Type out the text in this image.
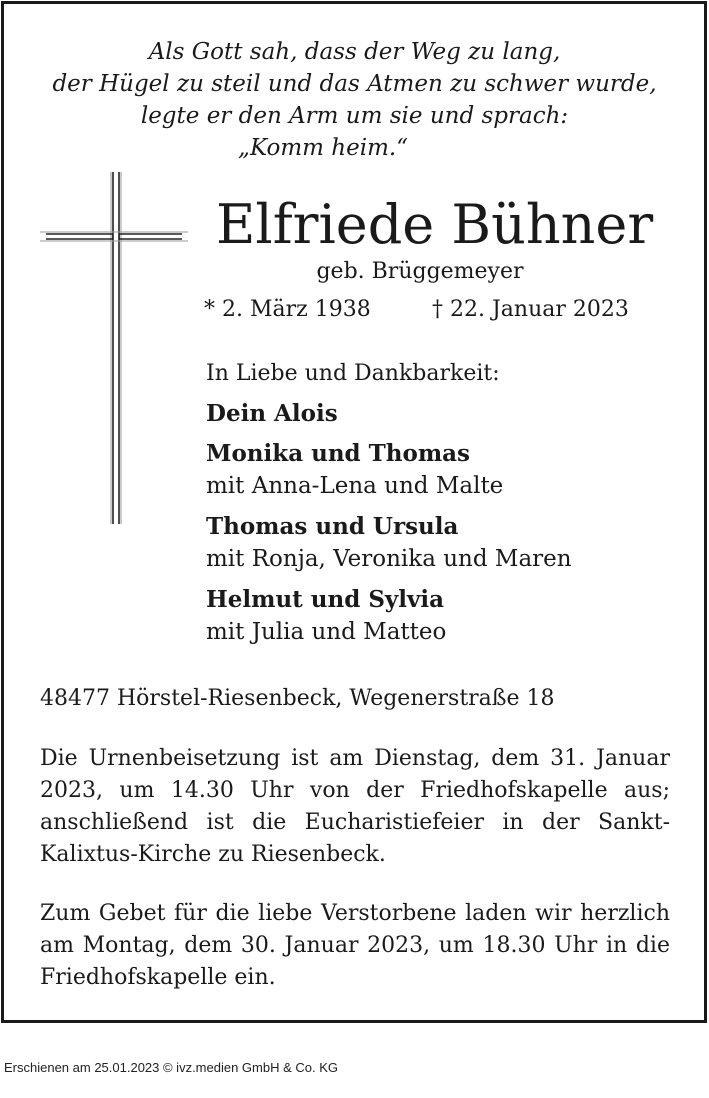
Als Gott sah, dass der Weg zu lang,
der Hügel zu steil und das Atmen zu schwer wurde,
legte er den Arm um sie und sprach:
„Komm heim.“
Elfriede Bühner
geb. Brüggemeyer
* 2. März 1938	† 22. Januar 2023
In Liebe und Dankbarkeit:
Dein Alois
Monika und Thomas
mit Anna-Lena und Malte
Thomas und Ursula
mit Ronja, Veronika und Maren
Helmut und Sylvia
mit Julia und Matteo
48477 Hörstel-Riesenbeck, Wegenerstraße 18
Die Urnenbeisetzung ist am Dienstag, dem 31. Januar 2023, um 14.30 Uhr von der Friedhofskapelle aus; anschließend ist die Eucharistiefeier in der Sankt-Kalixtus-Kirche zu Riesenbeck.
Zum Gebet für die liebe Verstorbene laden wir herzlich am Montag, dem 30. Januar 2023, um 18.30 Uhr in die Friedhofskapelle ein.
Erschienen am 25.01.2023 © ivz.medien GmbH & Co. KG
